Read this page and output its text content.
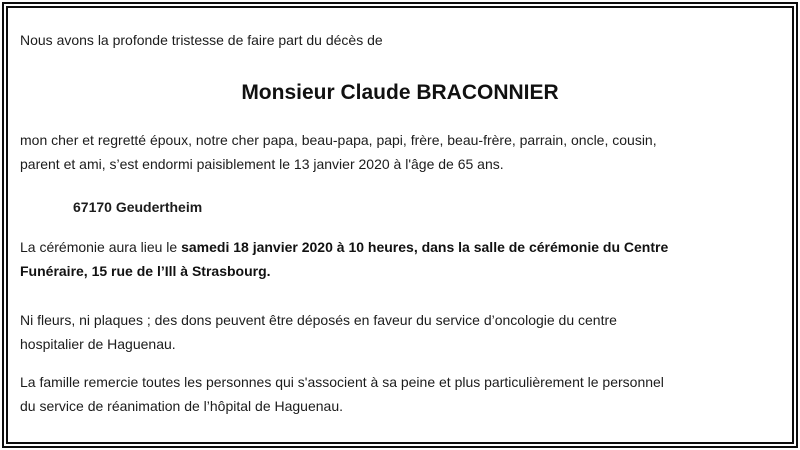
Nous avons la profonde tristesse de faire part du décès de

Monsieur Claude BRACONNIER

mon cher et regretté époux, notre cher papa, beau-papa, papi, frère, beau-frère, parrain, oncle, cousin,
parent et ami, s’est endormi paisiblement le 13 janvier 2020 à l'âge de 65 ans.

67170 Geudertheim

La cérémonie aura lieu le samedi 18 janvier 2020 à 10 heures, dans la salle de cérémonie du Centre
Funéraire, 15 rue de l’Ill à Strasbourg.

Ni fleurs, ni plaques ; des dons peuvent être déposés en faveur du service d’oncologie du centre
hospitalier de Haguenau.

La famille remercie toutes les personnes qui s'associent à sa peine et plus particulièrement le personnel
du service de réanimation de l’hôpital de Haguenau.
